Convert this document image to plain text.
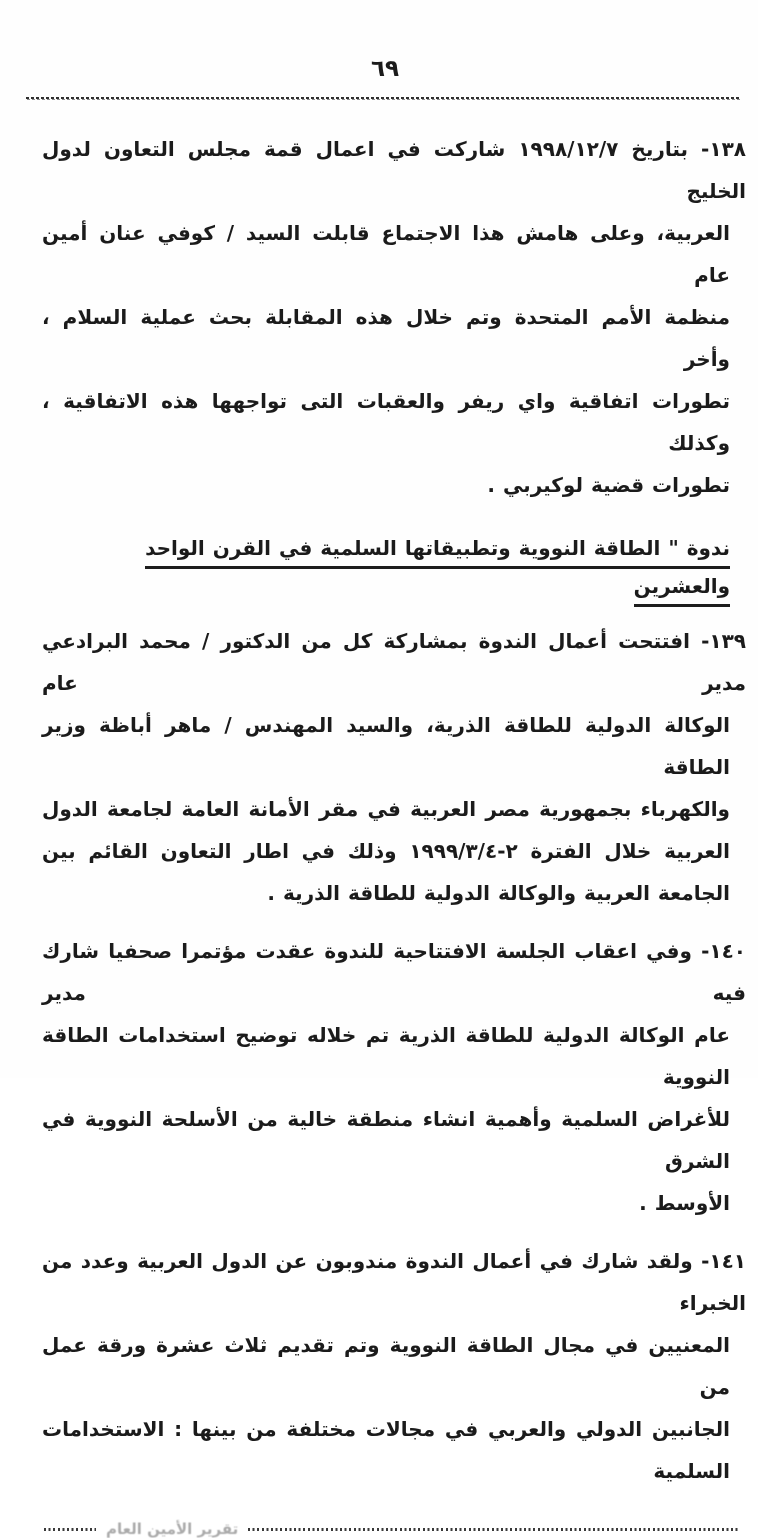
٦٩
١٣٨- بتاريخ ١٩٩٨/١٢/٧ شاركت في اعمال قمة مجلس التعاون لدول الخليج
العربية، وعلى هامش هذا الاجتماع قابلت السيد / كوفي عنان أمين عام
منظمة الأمم المتحدة وتم خلال هذه المقابلة بحث عملية السلام ، وأخر
تطورات اتفاقية واي ريفر والعقبات التى تواجهها هذه الاتفاقية ، وكذلك
تطورات قضية لوكيربي .
ندوة " الطاقة النووية وتطبيقاتها السلمية في القرن الواحد والعشرين
١٣٩- افتتحت أعمال الندوة بمشاركة كل من الدكتور / محمد البرادعي مدير عام
الوكالة الدولية للطاقة الذرية، والسيد المهندس / ماهر أباظة وزير الطاقة
والكهرباء بجمهورية مصر العربية في مقر الأمانة العامة لجامعة الدول
العربية خلال الفترة ٢-١٩٩٩/٣/٤ وذلك في اطار التعاون القائم بين
الجامعة العربية والوكالة الدولية للطاقة الذرية .
١٤٠- وفي اعقاب الجلسة الافتتاحية للندوة عقدت مؤتمرا صحفيا شارك فيه مدير
عام الوكالة الدولية للطاقة الذرية تم خلاله توضيح استخدامات الطاقة النووية
للأغراض السلمية وأهمية انشاء منطقة خالية من الأسلحة النووية في الشرق
الأوسط .
١٤١- ولقد شارك في أعمال الندوة مندوبون عن الدول العربية وعدد من الخبراء
المعنيين في مجال الطاقة النووية وتم تقديم ثلاث عشرة ورقة عمل من
الجانبين الدولي والعربي في مجالات مختلفة من بينها : الاستخدامات السلمية
تقرير الأمين العام
